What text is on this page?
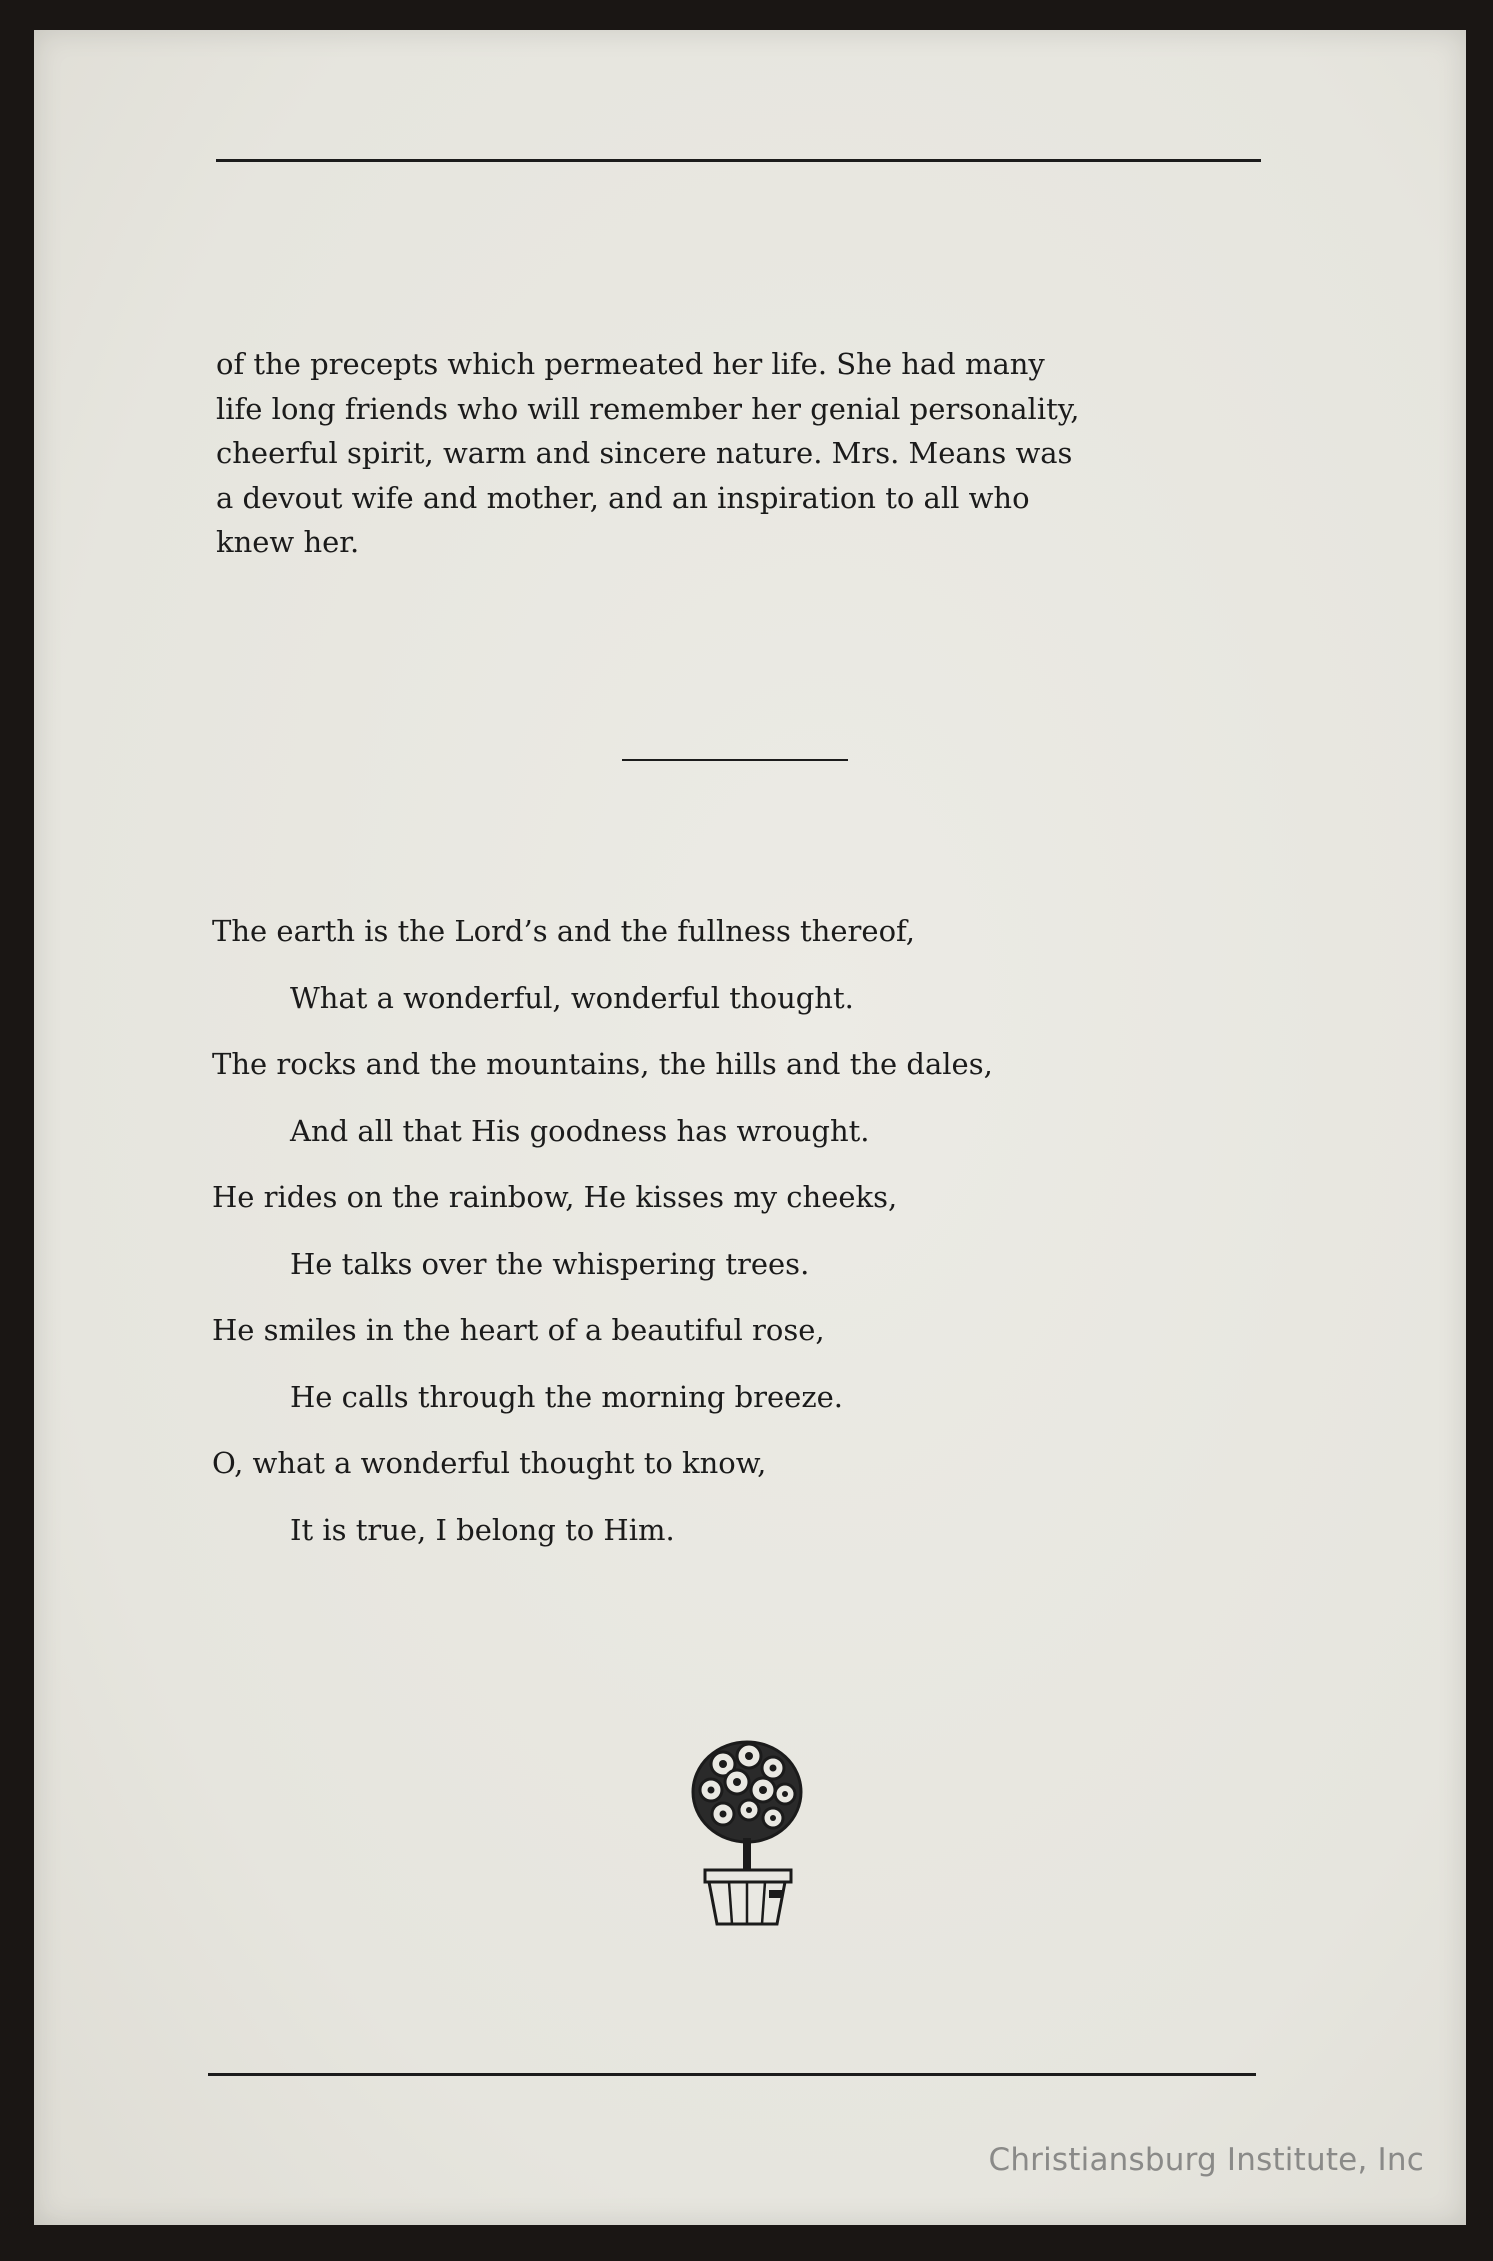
of the precepts which permeated her life. She had many
life long friends who will remember her genial personality,
cheerful spirit, warm and sincere nature. Mrs. Means was
a devout wife and mother, and an inspiration to all who
knew her.
The earth is the Lord’s and the fullness thereof,
What a wonderful, wonderful thought.
The rocks and the mountains, the hills and the dales,
And all that His goodness has wrought.
He rides on the rainbow, He kisses my cheeks,
He talks over the whispering trees.
He smiles in the heart of a beautiful rose,
He calls through the morning breeze.
O, what a wonderful thought to know,
It is true, I belong to Him.
Christiansburg Institute, Inc
